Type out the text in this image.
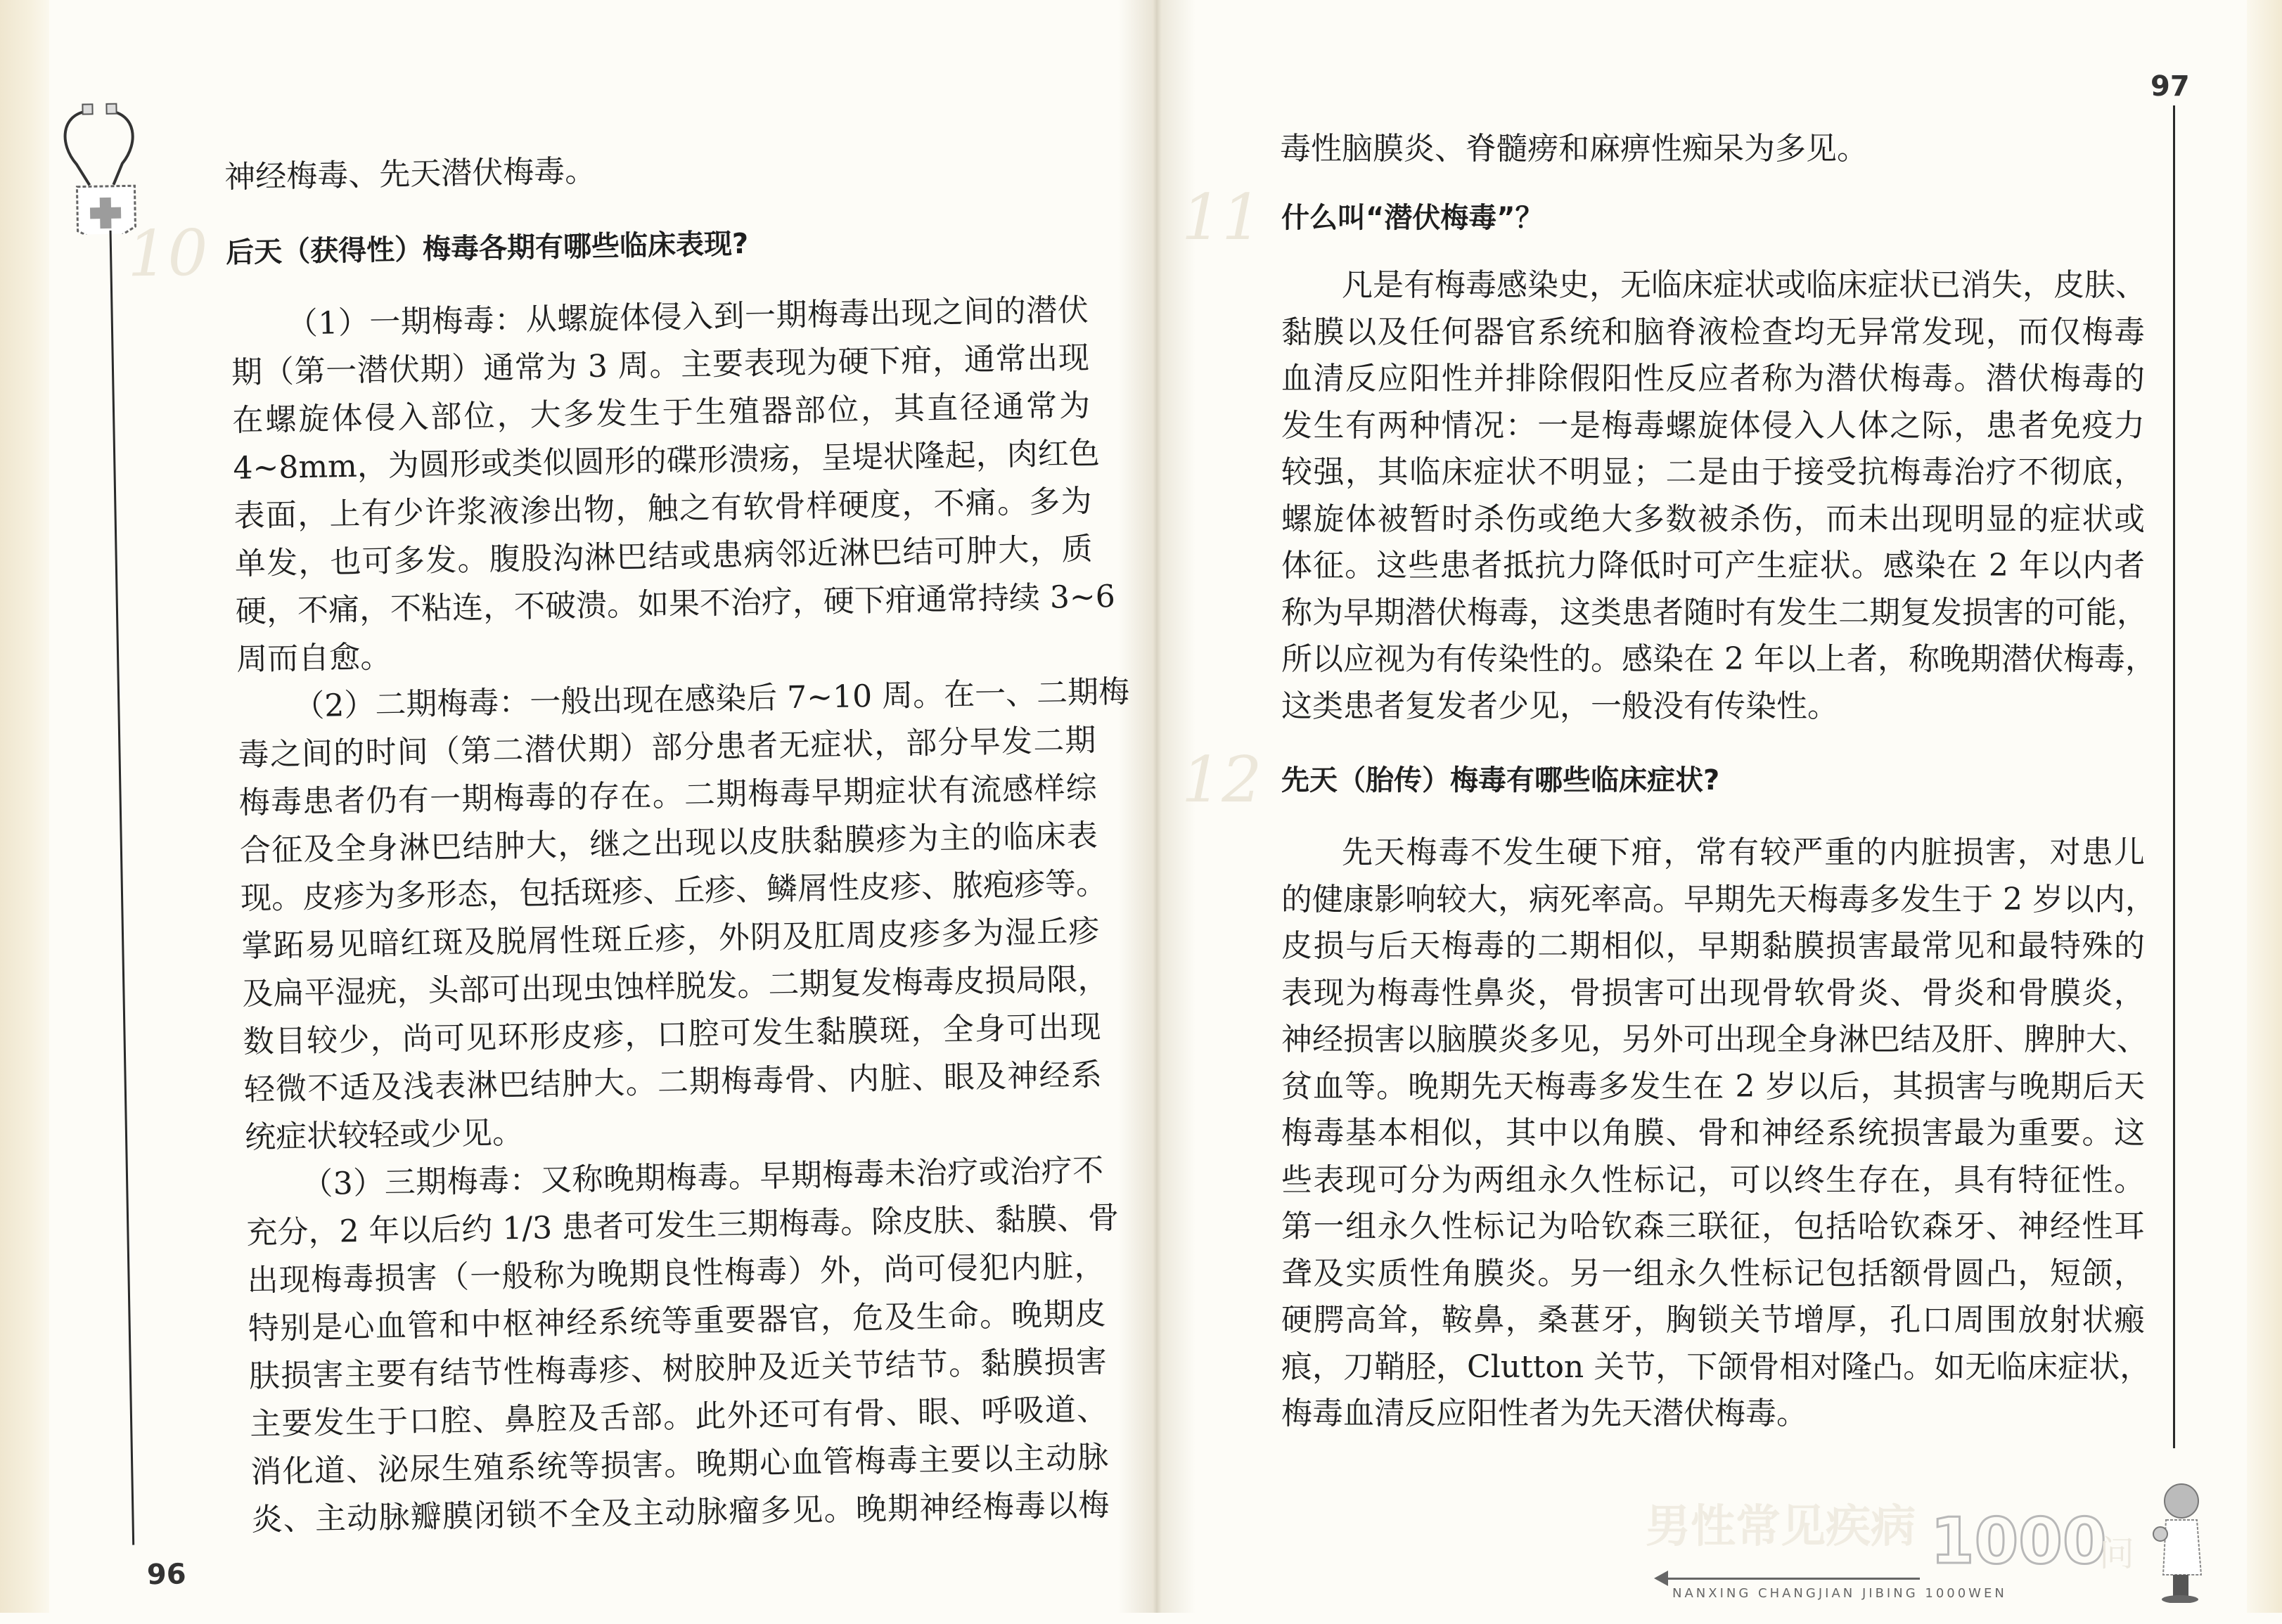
96
神经梅毒、先天潜伏梅毒。
10 后天（获得性）梅毒各期有哪些临床表现?
（1）一期梅毒：从螺旋体侵入到一期梅毒出现之间的潜伏
期（第一潜伏期）通常为 3 周。主要表现为硬下疳，通常出现
在螺旋体侵入部位，大多发生于生殖器部位，其直径通常为
4~8mm，为圆形或类似圆形的碟形溃疡，呈堤状隆起，肉红色
表面，上有少许浆液渗出物，触之有软骨样硬度，不痛。多为
单发，也可多发。腹股沟淋巴结或患病邻近淋巴结可肿大，质
硬，不痛，不粘连，不破溃。如果不治疗，硬下疳通常持续 3~6
周而自愈。
（2）二期梅毒：一般出现在感染后 7~10 周。在一、二期梅
毒之间的时间（第二潜伏期）部分患者无症状，部分早发二期
梅毒患者仍有一期梅毒的存在。二期梅毒早期症状有流感样综
合征及全身淋巴结肿大，继之出现以皮肤黏膜疹为主的临床表
现。皮疹为多形态，包括斑疹、丘疹、鳞屑性皮疹、脓疱疹等。
掌跖易见暗红斑及脱屑性斑丘疹，外阴及肛周皮疹多为湿丘疹
及扁平湿疣，头部可出现虫蚀样脱发。二期复发梅毒皮损局限，
数目较少，尚可见环形皮疹，口腔可发生黏膜斑，全身可出现
轻微不适及浅表淋巴结肿大。二期梅毒骨、内脏、眼及神经系
统症状较轻或少见。
（3）三期梅毒：又称晚期梅毒。早期梅毒未治疗或治疗不
充分，2 年以后约 1/3 患者可发生三期梅毒。除皮肤、黏膜、骨
出现梅毒损害（一般称为晚期良性梅毒）外，尚可侵犯内脏，
特别是心血管和中枢神经系统等重要器官，危及生命。晚期皮
肤损害主要有结节性梅毒疹、树胶肿及近关节结节。黏膜损害
主要发生于口腔、鼻腔及舌部。此外还可有骨、眼、呼吸道、
消化道、泌尿生殖系统等损害。晚期心血管梅毒主要以主动脉
炎、主动脉瓣膜闭锁不全及主动脉瘤多见。晚期神经梅毒以梅
97
毒性脑膜炎、脊髓痨和麻痹性痴呆为多见。
11 什么叫“潜伏梅毒”？
凡是有梅毒感染史，无临床症状或临床症状已消失，皮肤、
黏膜以及任何器官系统和脑脊液检查均无异常发现，而仅梅毒
血清反应阳性并排除假阳性反应者称为潜伏梅毒。潜伏梅毒的
发生有两种情况：一是梅毒螺旋体侵入人体之际，患者免疫力
较强，其临床症状不明显；二是由于接受抗梅毒治疗不彻底，
螺旋体被暂时杀伤或绝大多数被杀伤，而未出现明显的症状或
体征。这些患者抵抗力降低时可产生症状。感染在 2 年以内者
称为早期潜伏梅毒，这类患者随时有发生二期复发损害的可能，
所以应视为有传染性的。感染在 2 年以上者，称晚期潜伏梅毒，
这类患者复发者少见，一般没有传染性。
12 先天（胎传）梅毒有哪些临床症状?
先天梅毒不发生硬下疳，常有较严重的内脏损害，对患儿
的健康影响较大，病死率高。早期先天梅毒多发生于 2 岁以内，
皮损与后天梅毒的二期相似，早期黏膜损害最常见和最特殊的
表现为梅毒性鼻炎，骨损害可出现骨软骨炎、骨炎和骨膜炎，
神经损害以脑膜炎多见，另外可出现全身淋巴结及肝、脾肿大、
贫血等。晚期先天梅毒多发生在 2 岁以后，其损害与晚期后天
梅毒基本相似，其中以角膜、骨和神经系统损害最为重要。这
些表现可分为两组永久性标记，可以终生存在，具有特征性。
第一组永久性标记为哈钦森三联征，包括哈钦森牙、神经性耳
聋及实质性角膜炎。另一组永久性标记包括额骨圆凸，短颌，
硬腭高耸，鞍鼻，桑葚牙，胸锁关节增厚，孔口周围放射状瘢
痕，刀鞘胫，Clutton 关节，下颌骨相对隆凸。如无临床症状，
梅毒血清反应阳性者为先天潜伏梅毒。
男性常见疾病 1000
问
NANXING CHANGJIAN JIBING 1000WEN
